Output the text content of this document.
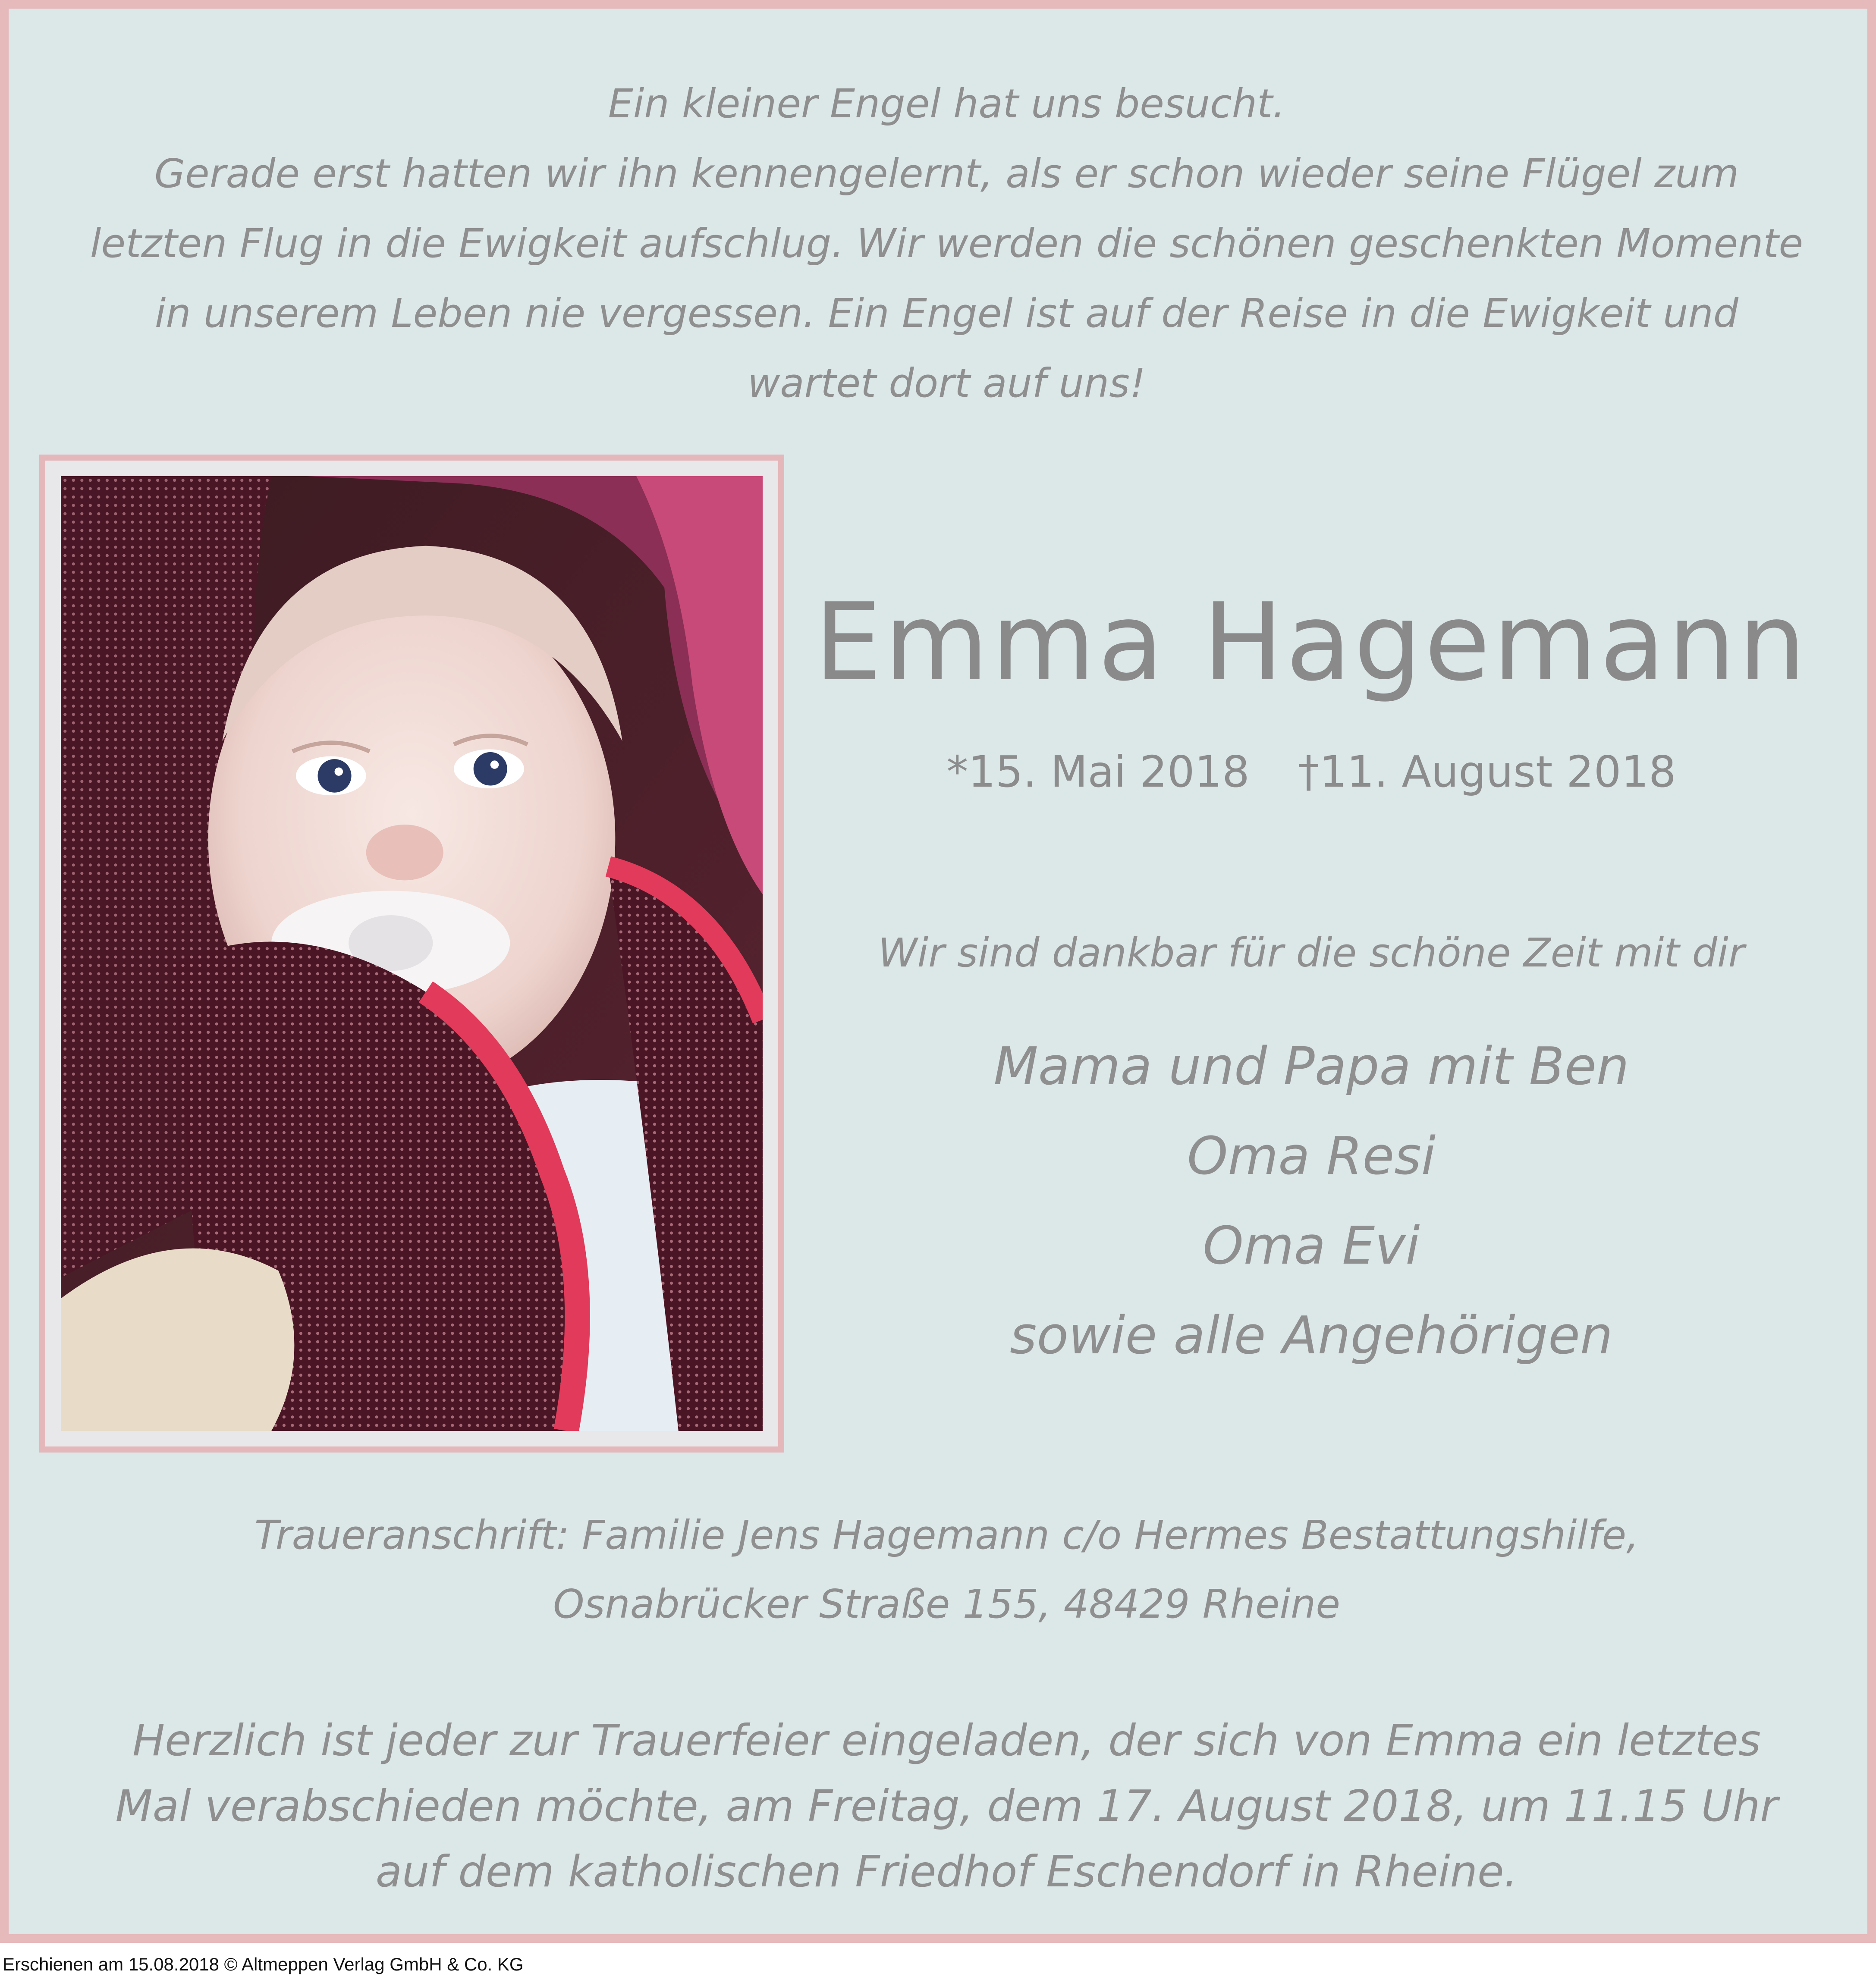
Ein kleiner Engel hat uns besucht.

Gerade erst hatten wir ihn kennengelernt, als er schon wieder seine Flügel zum

letzten Flug in die Ewigkeit aufschlug. Wir werden die schönen geschenkten Momente

in unserem Leben nie vergessen. Ein Engel ist auf der Reise in die Ewigkeit und

wartet dort auf uns!

Emma Hagemann
*15. Mai 2018 †11. August 2018
Wir sind dankbar für die schöne Zeit mit dir
Mama und Papa mit Ben
Oma Resi
Oma Evi
sowie alle Angehörigen
Traueranschrift: Familie Jens Hagemann c/o Hermes Bestattungshilfe,
Osnabrücker Straße 155, 48429 Rheine
Herzlich ist jeder zur Trauerfeier eingeladen, der sich von Emma ein letztes
Mal verabschieden möchte, am Freitag, dem 17. August 2018, um 11.15 Uhr
auf dem katholischen Friedhof Eschendorf in Rheine.
Erschienen am 15.08.2018 © Altmeppen Verlag GmbH & Co. KG
